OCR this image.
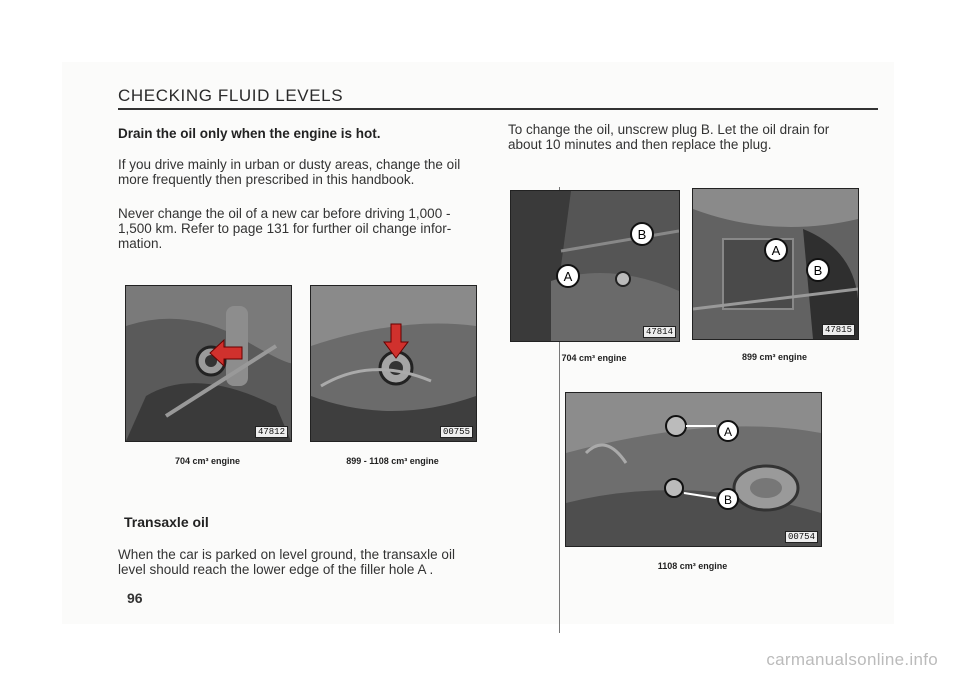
CHECKING FLUID LEVELS

Drain the oil only when the engine is hot.

If you drive mainly in urban or dusty areas, change the oil

more frequently then prescribed in this handbook.

Never change the oil of a new car before driving 1,000 -

1,500 km. Refer to page 131 for further oil change infor-

mation.

To change the oil, unscrew plug B. Let the oil drain for

about 10 minutes and then replace the plug.

Transaxle oil

When the car is parked on level ground, the transaxle oil

level should reach the lower edge of the filler hole A .

47812
704 cm³ engine
00755
899 - 1108 cm³ engine
B
A
47814
704 cm³ engine
A
B
47815
899 cm³ engine
A
B
00754
1108 cm³ engine
96
carmanualsonline.info
